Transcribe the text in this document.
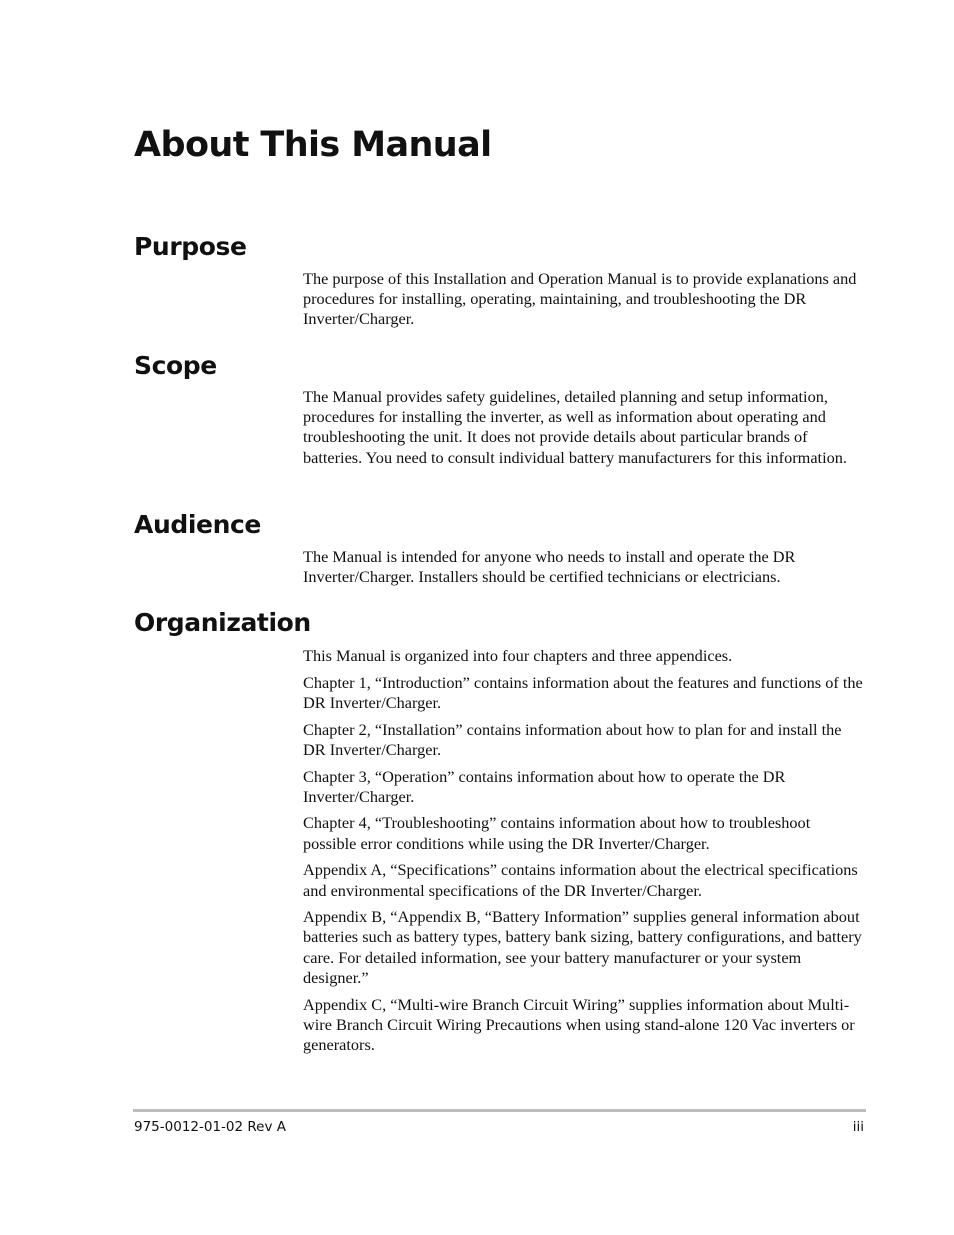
About This Manual
Purpose

The purpose of this Installation and Operation Manual is to provide explanations and procedures for installing, operating, maintaining, and troubleshooting the DR Inverter/Charger.

Scope

The Manual provides safety guidelines, detailed planning and setup information, procedures for installing the inverter, as well as information about operating and troubleshooting the unit. It does not provide details about particular brands of batteries. You need to consult individual battery manufacturers for this information.

Audience

The Manual is intended for anyone who needs to install and operate the DR Inverter/Charger. Installers should be certified technicians or electricians.

Organization

This Manual is organized into four chapters and three appendices.

Chapter 1, “Introduction” contains information about the features and functions of the DR Inverter/Charger.

Chapter 2, “Installation” contains information about how to plan for and install the DR Inverter/Charger.

Chapter 3, “Operation” contains information about how to operate the DR Inverter/Charger.

Chapter 4, “Troubleshooting” contains information about how to troubleshoot possible error conditions while using the DR Inverter/Charger.

Appendix A, “Specifications” contains information about the electrical specifications and environmental specifications of the DR Inverter/Charger.

Appendix B, “Appendix B, “Battery Information” supplies general information about batteries such as battery types, battery bank sizing, battery configurations, and battery care. For detailed information, see your battery manufacturer or your system designer.”

Appendix C, “Multi-wire Branch Circuit Wiring” supplies information about Multi-wire Branch Circuit Wiring Precautions when using stand-alone 120 Vac inverters or generators.

975-0012-01-02 Rev A	iii
